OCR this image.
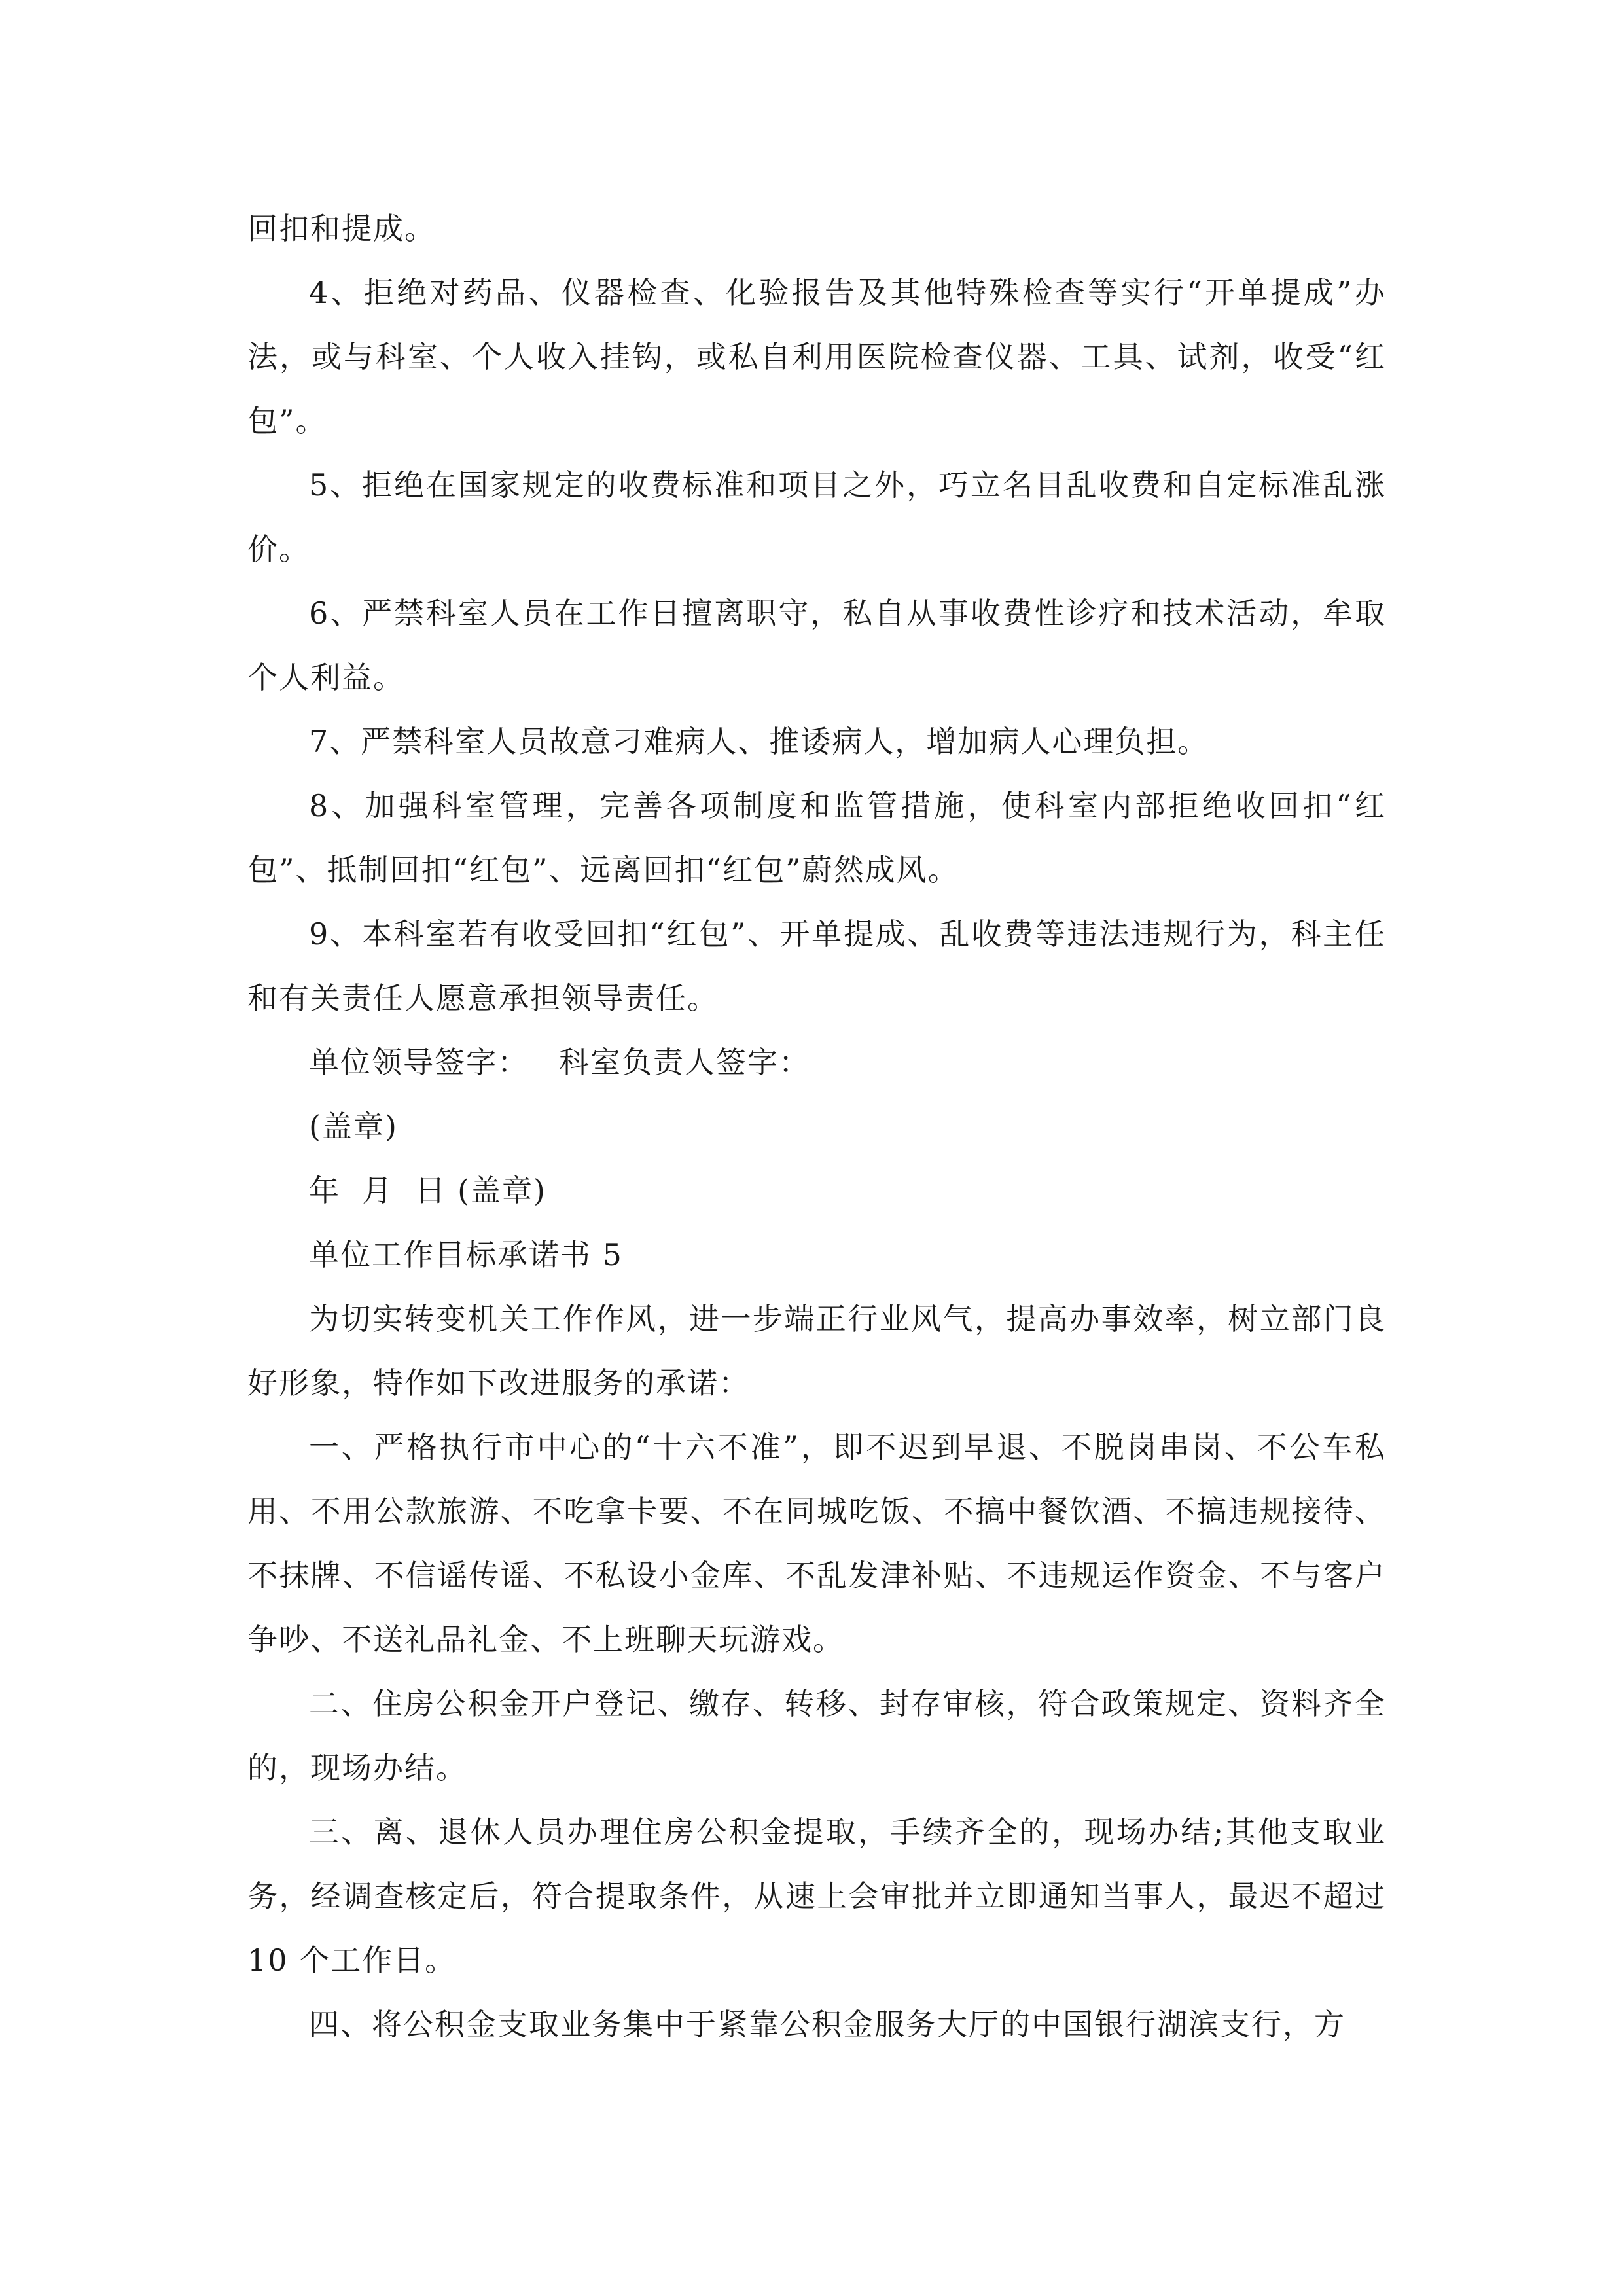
回扣和提成。

4、拒绝对药品、仪器检查、化验报告及其他特殊检查等实行“开单提成”办法，或与科室、个人收入挂钩，或私自利用医院检查仪器、工具、试剂，收受“红包”。

5、拒绝在国家规定的收费标准和项目之外，巧立名目乱收费和自定标准乱涨价。

6、严禁科室人员在工作日擅离职守，私自从事收费性诊疗和技术活动，牟取个人利益。

7、严禁科室人员故意刁难病人、推诿病人，增加病人心理负担。

8、加强科室管理，完善各项制度和监管措施，使科室内部拒绝收回扣“红包”、抵制回扣“红包”、远离回扣“红包”蔚然成风。

9、本科室若有收受回扣“红包”、开单提成、乱收费等违法违规行为，科主任和有关责任人愿意承担领导责任。

单位领导签字： 科室负责人签字：

(盖章)

年  月  日 (盖章)

单位工作目标承诺书 5

为切实转变机关工作作风，进一步端正行业风气，提高办事效率，树立部门良好形象，特作如下改进服务的承诺：

一、严格执行市中心的“十六不准”，即不迟到早退、不脱岗串岗、不公车私用、不用公款旅游、不吃拿卡要、不在同城吃饭、不搞中餐饮酒、不搞违规接待、不抹牌、不信谣传谣、不私设小金库、不乱发津补贴、不违规运作资金、不与客户争吵、不送礼品礼金、不上班聊天玩游戏。

二、住房公积金开户登记、缴存、转移、封存审核，符合政策规定、资料齐全的，现场办结。

三、离、退休人员办理住房公积金提取，手续齐全的，现场办结;其他支取业务，经调查核定后，符合提取条件，从速上会审批并立即通知当事人，最迟不超过 10 个工作日。

四、将公积金支取业务集中于紧靠公积金服务大厅的中国银行湖滨支行，方
